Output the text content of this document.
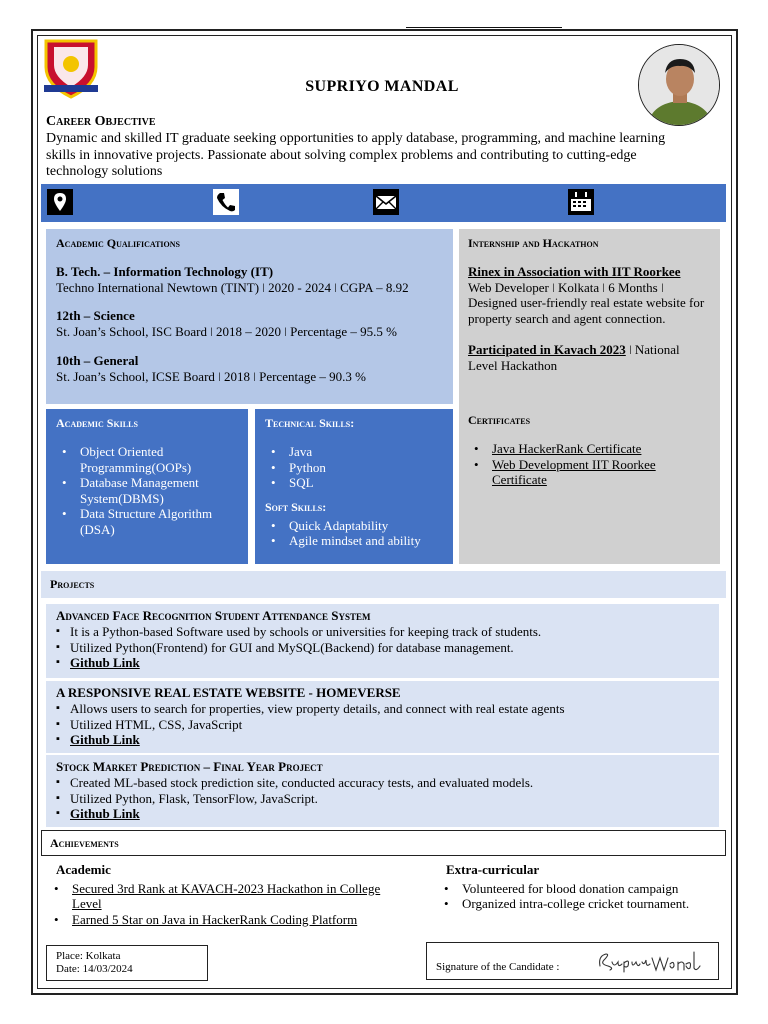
SUPRIYO MANDAL
Career Objective
Dynamic and skilled IT graduate seeking opportunities to apply database, programming, and machine learning skills in innovative projects. Passionate about solving complex problems and contributing to cutting-edge technology solutions
Academic Qualifications
B. Tech. – Information Technology (IT)
Techno International Newtown (TINT) ǀ 2020 - 2024 ǀ CGPA – 8.92
12th – Science
St. Joan’s School, ISC Board ǀ 2018 – 2020 ǀ Percentage – 95.5 %
10th – General
St. Joan’s School, ICSE Board ǀ 2018 ǀ Percentage – 90.3 %
Internship and Hackathon
Rinex in Association with IIT Roorkee
Web Developer ǀ Kolkata ǀ 6 Months ǀ
Designed user-friendly real estate website for property search and agent connection.
Participated in Kavach 2023 ǀ National Level Hackathon
Certificates
• Java HackerRank Certificate
• Web Development IIT Roorkee Certificate
Academic Skills
• Object Oriented Programming(OOPs)
• Database Management System(DBMS)
• Data Structure Algorithm (DSA)
Technical Skills:
• Java
• Python
• SQL
Soft Skills:
• Quick Adaptability
• Agile mindset and ability
Projects
Advanced Face Recognition Student Attendance System
▪ It is a Python-based Software used by schools or universities for keeping track of students.
▪ Utilized Python(Frontend) for GUI and MySQL(Backend) for database management.
▪ Github Link
A RESPONSIVE REAL ESTATE WEBSITE - HOMEVERSE
▪ Allows users to search for properties, view property details, and connect with real estate agents
▪ Utilized HTML, CSS, JavaScript
▪ Github Link
Stock Market Prediction – Final Year Project
▪ Created ML-based stock prediction site, conducted accuracy tests, and evaluated models.
▪ Utilized Python, Flask, TensorFlow, JavaScript.
▪ Github Link
Achievements
Academic
• Secured 3rd Rank at KAVACH-2023 Hackathon in College Level
• Earned 5 Star on Java in HackerRank Coding Platform
Extra-curricular
• Volunteered for blood donation campaign
• Organized intra-college cricket tournament.
Place: Kolkata
Date: 14/03/2024	Signature of the Candidate :
